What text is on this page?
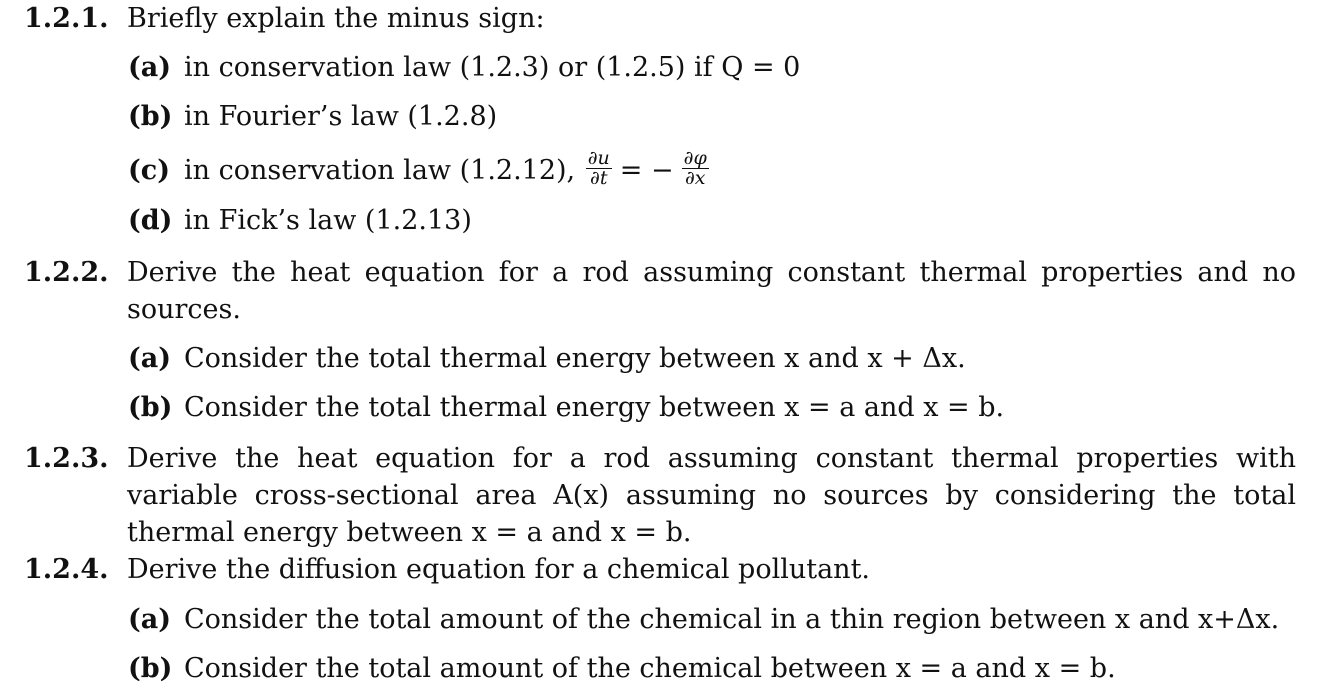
1.2.1. Briefly explain the minus sign:
(a) in conservation law (1.2.3) or (1.2.5) if Q = 0
(b) in Fourier’s law (1.2.8)
(c) in conservation law (1.2.12), $\frac{\partial u}{\partial t}$ = − $\frac{\partial\varphi}{\partial x}$
(d) in Fick’s law (1.2.13)
1.2.2. Derive the heat equation for a rod assuming constant thermal properties and no sources.
(a) Consider the total thermal energy between x and x + Δx.
(b) Consider the total thermal energy between x = a and x = b.
1.2.3. Derive the heat equation for a rod assuming constant thermal properties with variable cross-sectional area A(x) assuming no sources by considering the total thermal energy between x = a and x = b.
1.2.4. Derive the diffusion equation for a chemical pollutant.
(a) Consider the total amount of the chemical in a thin region between x and x+Δx.
(b) Consider the total amount of the chemical between x = a and x = b.
